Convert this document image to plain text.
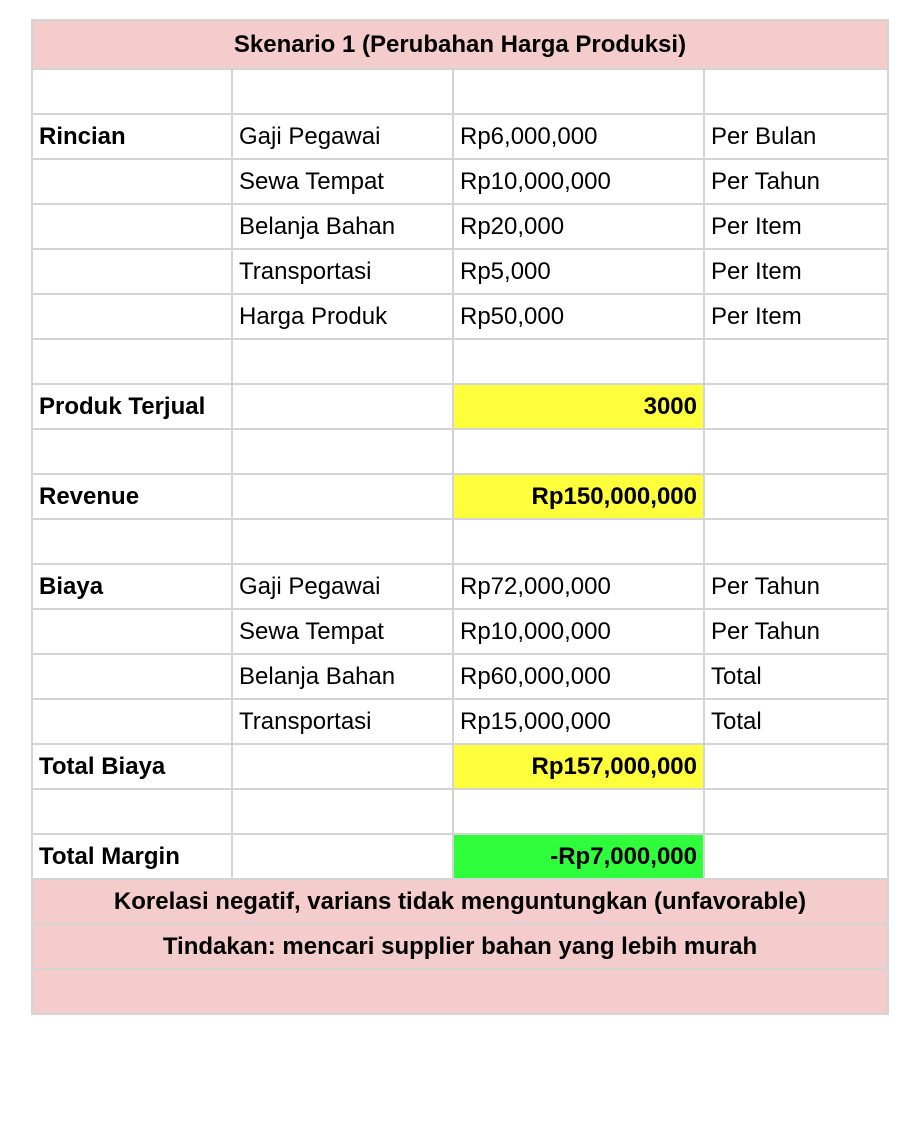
Skenario 1 (Perubahan Harga Produksi)			

Rincian	Gaji Pegawai	Rp6,000,000	Per Bulan
	Sewa Tempat	Rp10,000,000	Per Tahun
	Belanja Bahan	Rp20,000	Per Item
	Transportasi	Rp5,000	Per Item
	Harga Produk	Rp50,000	Per Item

Produk Terjual		3000	

Revenue		Rp150,000,000	

Biaya	Gaji Pegawai	Rp72,000,000	Per Tahun
	Sewa Tempat	Rp10,000,000	Per Tahun
	Belanja Bahan	Rp60,000,000	Total
	Transportasi	Rp15,000,000	Total
Total Biaya		Rp157,000,000	

Total Margin		-Rp7,000,000	
Korelasi negatif, varians tidak menguntungkan (unfavorable)			
Tindakan: mencari supplier bahan yang lebih murah			
